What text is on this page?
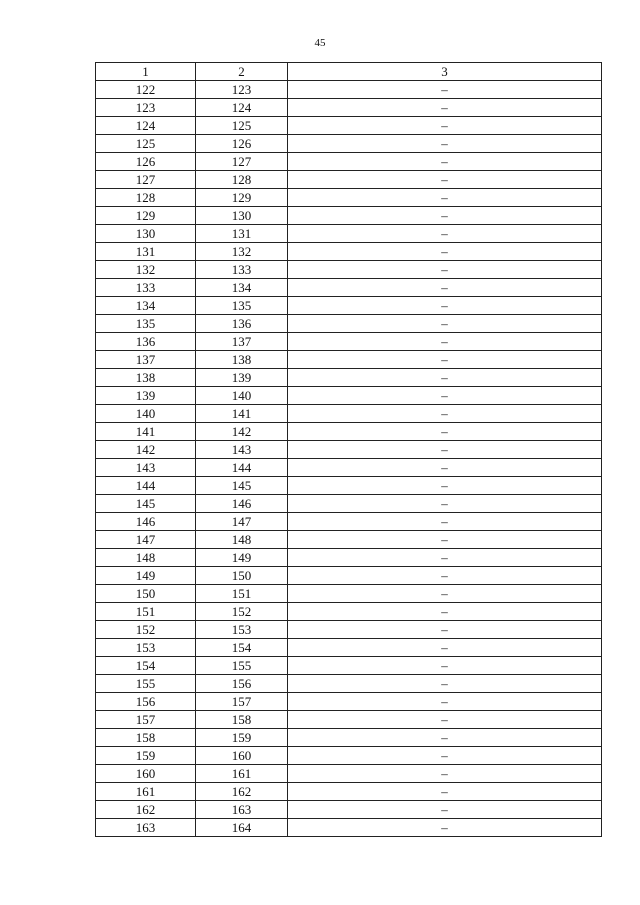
45
1	2	3
122	123	–
123	124	–
124	125	–
125	126	–
126	127	–
127	128	–
128	129	–
129	130	–
130	131	–
131	132	–
132	133	–
133	134	–
134	135	–
135	136	–
136	137	–
137	138	–
138	139	–
139	140	–
140	141	–
141	142	–
142	143	–
143	144	–
144	145	–
145	146	–
146	147	–
147	148	–
148	149	–
149	150	–
150	151	–
151	152	–
152	153	–
153	154	–
154	155	–
155	156	–
156	157	–
157	158	–
158	159	–
159	160	–
160	161	–
161	162	–
162	163	–
163	164	–
